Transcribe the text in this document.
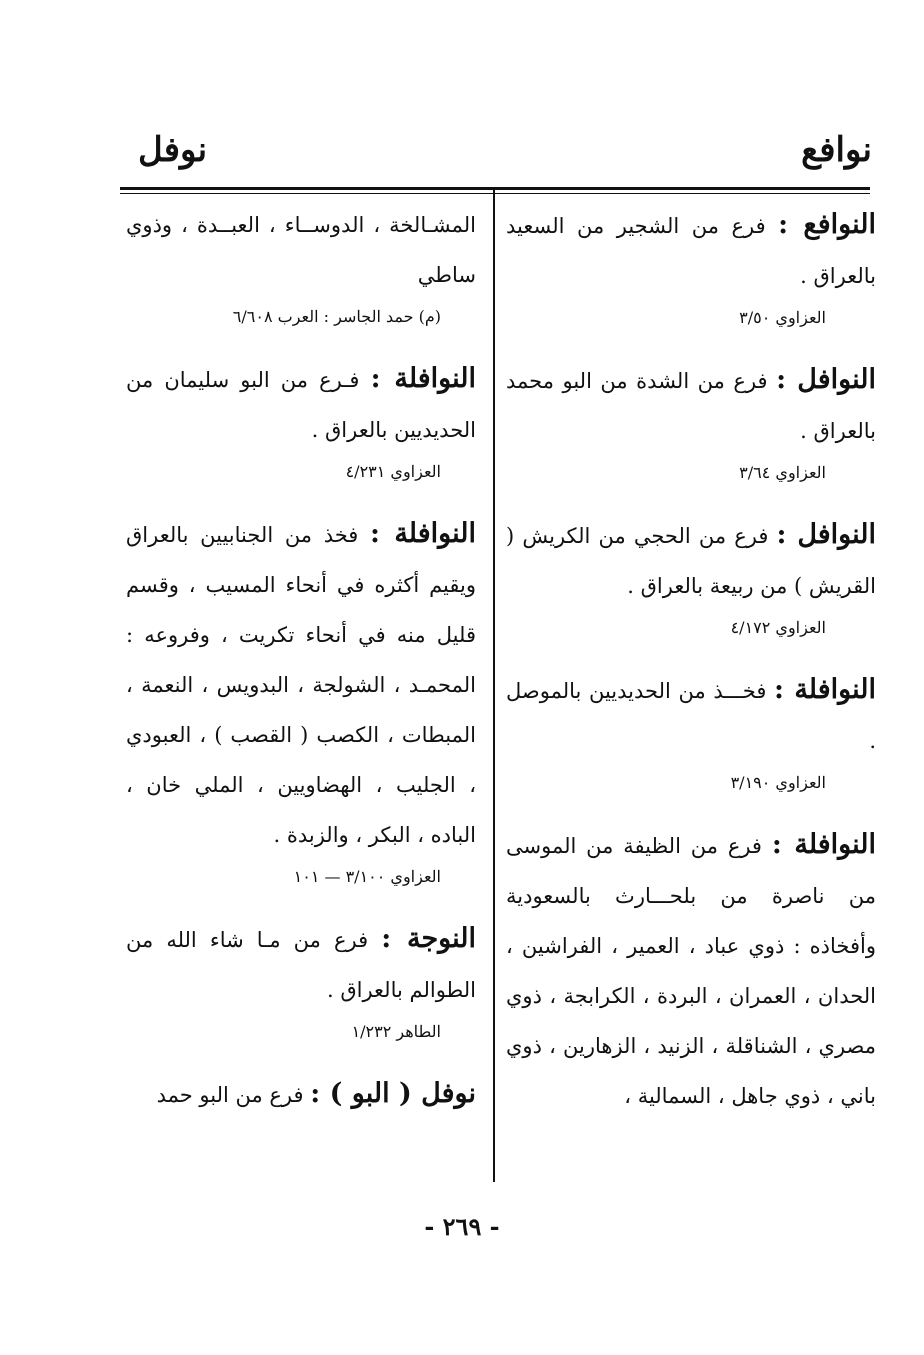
نوافع
نوفل

النوافع : فرع من الشجير من السعيد بالعراق .

العزاوي ٣/٥٠

النوافل : فرع من الشدة من البو محمد بالعراق .

العزاوي ٣/٦٤

النوافل : فرع من الحجي من الكريش ( القريش ) من ربيعة بالعراق .

العزاوي ٤/١٧٢

النوافلة : فخـــذ من الحديديين بالموصل .

العزاوي ٣/١٩٠

النوافلة : فرع من الظيفة من الموسى من ناصرة من بلحـــارث بالسعودية وأفخاذه : ذوي عباد ، العمير ، الفراشين ، الحدان ، العمران ، البردة ، الكرابجة ، ذوي مصري ، الشناقلة ، الزنيد ، الزهارين ، ذوي باني ، ذوي جاهل ، السمالية ،

المشـالخة ، الدوســاء ، العبــدة ، وذوي ساطي

(م) حمد الجاسر : العرب ٦/٦٠٨

النوافلة : فـرع من البو سليمان من الحديديين بالعراق .

العزاوي ٤/٢٣١

النوافلة : فخذ من الجنابيين بالعراق ويقيم أكثره في أنحاء المسيب ، وقسم قليل منه في أنحاء تكريت ، وفروعه : المحمـد ، الشولجة ، البدويس ، النعمة ، المبطات ، الكصب ( القصب ) ، العبودي ، الجليب ، الهضاويين ، الملي خان ، الباده ، البكر ، والزبدة .

العزاوي ٣/١٠٠ — ١٠١

النوجة : فرع من مـا شاء الله من الطوالم بالعراق .

الطاهر ١/٢٣٢

نوفل ( البو ) : فرع من البو حمد

- ٢٦٩ -
